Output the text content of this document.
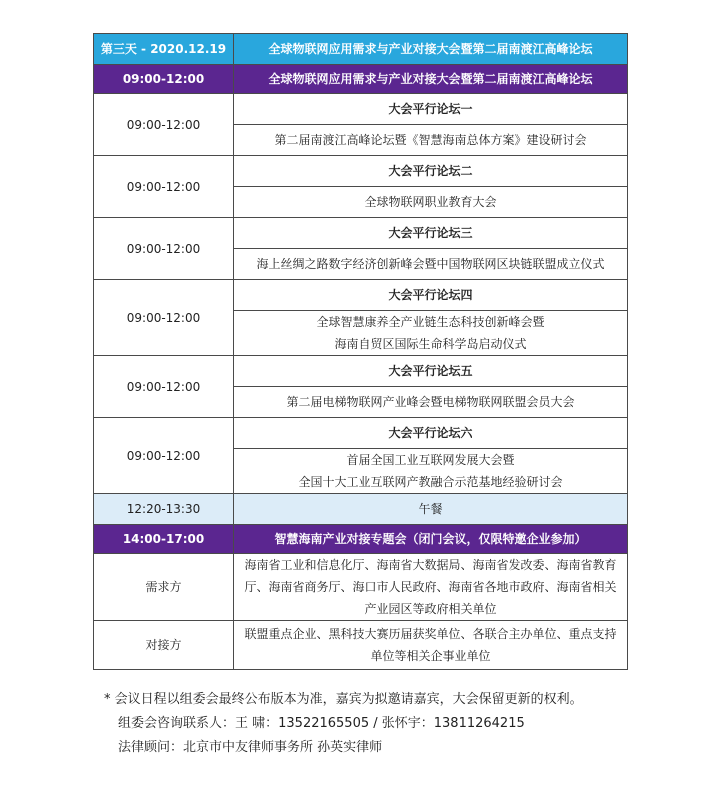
第三天 - 2020.12.19	全球物联网应用需求与产业对接大会暨第二届南渡江高峰论坛
09:00-12:00	全球物联网应用需求与产业对接大会暨第二届南渡江高峰论坛
09:00-12:00	大会平行论坛一
	第二届南渡江高峰论坛暨《智慧海南总体方案》建设研讨会
09:00-12:00	大会平行论坛二
	全球物联网职业教育大会
09:00-12:00	大会平行论坛三
	海上丝绸之路数字经济创新峰会暨中国物联网区块链联盟成立仪式
09:00-12:00	大会平行论坛四

	全球智慧康养全产业链生态科技创新峰会暨
海南自贸区国际生命科学岛启动仪式

09:00-12:00	大会平行论坛五
	第二届电梯物联网产业峰会暨电梯物联网联盟会员大会
09:00-12:00	大会平行论坛六

	首届全国工业互联网发展大会暨
全国十大工业互联网产教融合示范基地经验研讨会

12:20-13:30	午餐
14:00-17:00	智慧海南产业对接专题会（闭门会议，仅限特邀企业参加）
需求方	海南省工业和信息化厅、海南省大数据局、海南省发改委、海南省教育厅、海南省商务厅、海口市人民政府、海南省各地市政府、海南省相关产业园区等政府相关单位
对接方	联盟重点企业、黑科技大赛历届获奖单位、各联合主办单位、重点支持单位等相关企事业单位
* 会议日程以组委会最终公布版本为准，嘉宾为拟邀请嘉宾，大会保留更新的权利。
组委会咨询联系人：王 啸：13522165505 / 张怀宇：13811264215
法律顾问：北京市中友律师事务所 孙英实律师
